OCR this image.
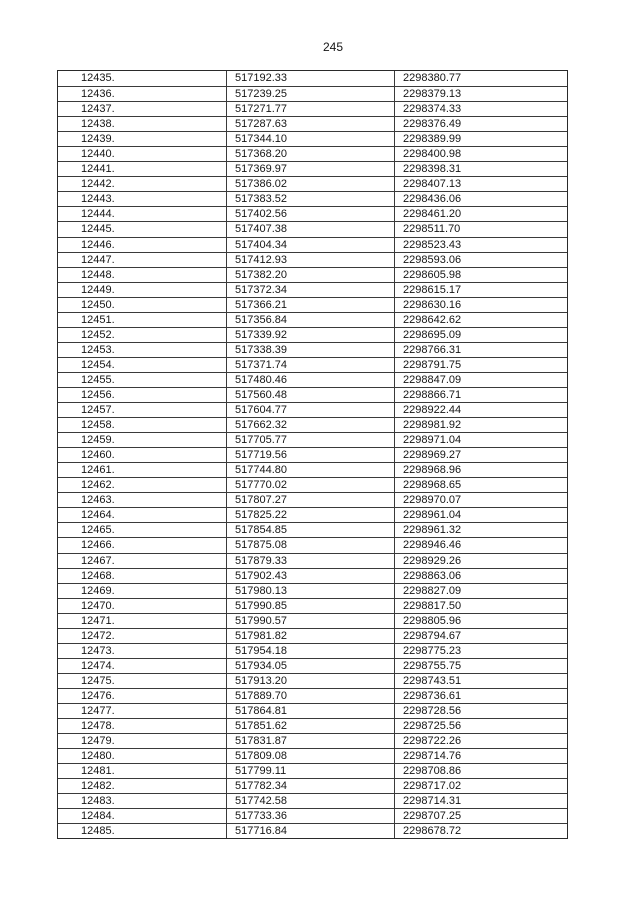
245
12435.	517192.33	2298380.77
12436.	517239.25	2298379.13
12437.	517271.77	2298374.33
12438.	517287.63	2298376.49
12439.	517344.10	2298389.99
12440.	517368.20	2298400.98
12441.	517369.97	2298398.31
12442.	517386.02	2298407.13
12443.	517383.52	2298436.06
12444.	517402.56	2298461.20
12445.	517407.38	2298511.70
12446.	517404.34	2298523.43
12447.	517412.93	2298593.06
12448.	517382.20	2298605.98
12449.	517372.34	2298615.17
12450.	517366.21	2298630.16
12451.	517356.84	2298642.62
12452.	517339.92	2298695.09
12453.	517338.39	2298766.31
12454.	517371.74	2298791.75
12455.	517480.46	2298847.09
12456.	517560.48	2298866.71
12457.	517604.77	2298922.44
12458.	517662.32	2298981.92
12459.	517705.77	2298971.04
12460.	517719.56	2298969.27
12461.	517744.80	2298968.96
12462.	517770.02	2298968.65
12463.	517807.27	2298970.07
12464.	517825.22	2298961.04
12465.	517854.85	2298961.32
12466.	517875.08	2298946.46
12467.	517879.33	2298929.26
12468.	517902.43	2298863.06
12469.	517980.13	2298827.09
12470.	517990.85	2298817.50
12471.	517990.57	2298805.96
12472.	517981.82	2298794.67
12473.	517954.18	2298775.23
12474.	517934.05	2298755.75
12475.	517913.20	2298743.51
12476.	517889.70	2298736.61
12477.	517864.81	2298728.56
12478.	517851.62	2298725.56
12479.	517831.87	2298722.26
12480.	517809.08	2298714.76
12481.	517799.11	2298708.86
12482.	517782.34	2298717.02
12483.	517742.58	2298714.31
12484.	517733.36	2298707.25
12485.	517716.84	2298678.72
